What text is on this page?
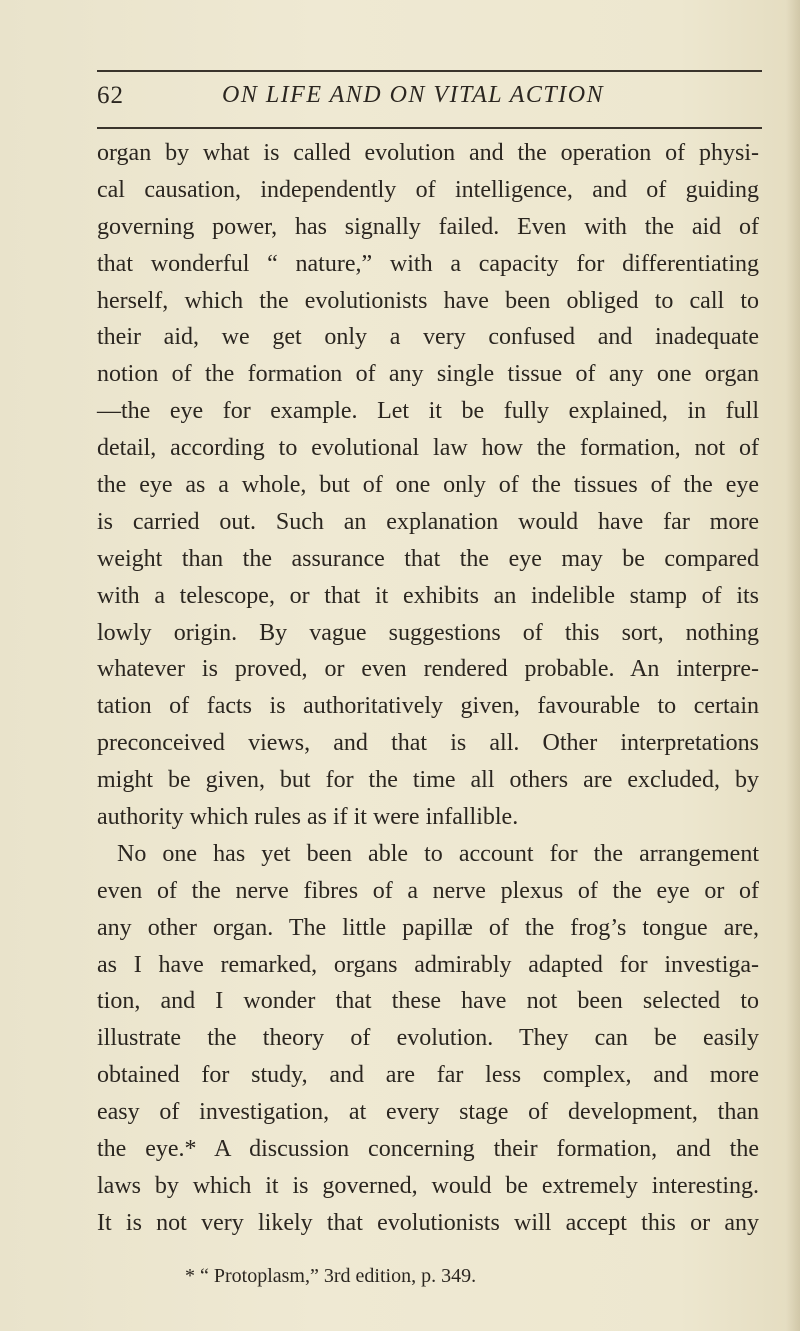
62	ON LIFE AND ON VITAL ACTION
organ by what is called evolution and the operation of physi-
cal causation, independently of intelligence, and of guiding
governing power, has signally failed. Even with the aid of
that wonderful “ nature,” with a capacity for differentiating
herself, which the evolutionists have been obliged to call to
their aid, we get only a very confused and inadequate
notion of the formation of any single tissue of any one organ
—the eye for example. Let it be fully explained, in full
detail, according to evolutional law how the formation, not of
the eye as a whole, but of one only of the tissues of the eye
is carried out. Such an explanation would have far more
weight than the assurance that the eye may be compared
with a telescope, or that it exhibits an indelible stamp of its
lowly origin. By vague suggestions of this sort, nothing
whatever is proved, or even rendered probable. An interpre-
tation of facts is authoritatively given, favourable to certain
preconceived views, and that is all. Other interpretations
might be given, but for the time all others are excluded, by
authority which rules as if it were infallible.
No one has yet been able to account for the arrangement
even of the nerve fibres of a nerve plexus of the eye or of
any other organ. The little papillæ of the frog’s tongue are,
as I have remarked, organs admirably adapted for investiga-
tion, and I wonder that these have not been selected to
illustrate the theory of evolution. They can be easily
obtained for study, and are far less complex, and more
easy of investigation, at every stage of development, than
the eye.* A discussion concerning their formation, and the
laws by which it is governed, would be extremely interesting.
It is not very likely that evolutionists will accept this or any
* “ Protoplasm,” 3rd edition, p. 349.
